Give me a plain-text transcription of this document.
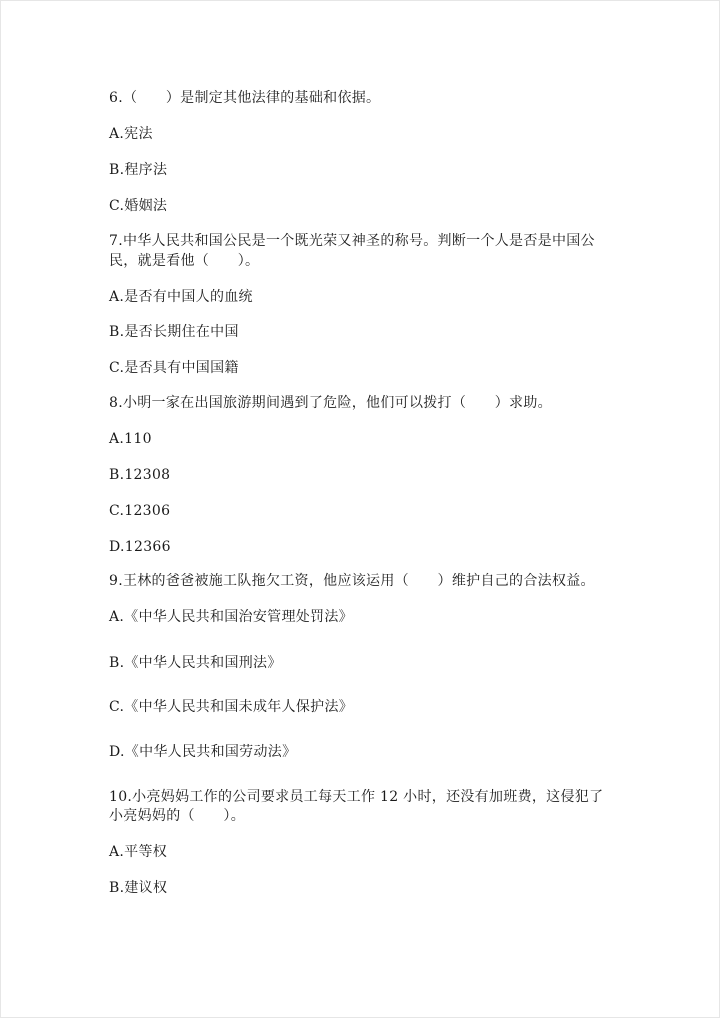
6.（　　）是制定其他法律的基础和依据。
A.宪法
B.程序法
C.婚姻法
7.中华人民共和国公民是一个既光荣又神圣的称号。判断一个人是否是中国公
民，就是看他（　　）。
A.是否有中国人的血统
B.是否长期住在中国
C.是否具有中国国籍
8.小明一家在出国旅游期间遇到了危险，他们可以拨打（　　）求助。
A.110
B.12308
C.12306
D.12366
9.王林的爸爸被施工队拖欠工资，他应该运用（　　）维护自己的合法权益。
A.《中华人民共和国治安管理处罚法》
B.《中华人民共和国刑法》
C.《中华人民共和国未成年人保护法》
D.《中华人民共和国劳动法》
10.小亮妈妈工作的公司要求员工每天工作 12 小时，还没有加班费，这侵犯了
小亮妈妈的（　　）。
A.平等权
B.建议权
